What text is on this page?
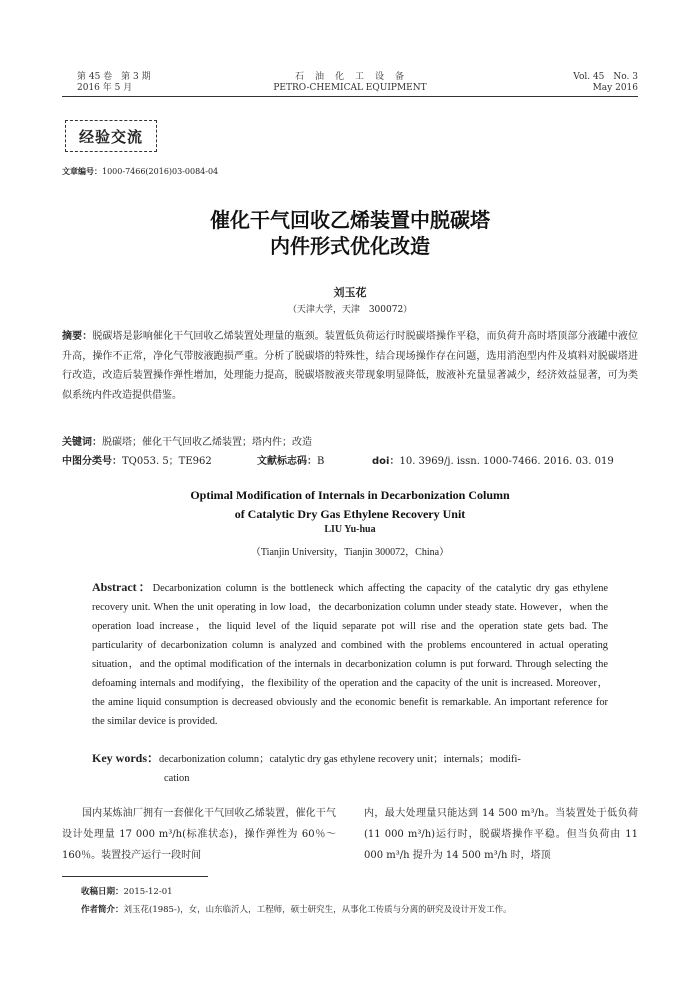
第 45 卷　第 3 期
2016 年 5 月
石　油　化　工　设　备
PETRO-CHEMICAL EQUIPMENT
Vol. 45　No. 3
May 2016
经验交流
文章编号：1000-7466(2016)03-0084-04
催化干气回收乙烯装置中脱碳塔
内件形式优化改造
刘玉花
（天津大学，天津　300072）
摘要：脱碳塔是影响催化干气回收乙烯装置处理量的瓶颈。装置低负荷运行时脱碳塔操作平稳，而负荷升高时塔顶部分液罐中液位升高，操作不正常，净化气带胺液跑损严重。分析了脱碳塔的特殊性，结合现场操作存在问题，选用消泡型内件及填料对脱碳塔进行改造，改造后装置操作弹性增加，处理能力提高，脱碳塔胺液夹带现象明显降低，胺液补充量显著减少，经济效益显著，可为类似系统内件改造提供借鉴。
关键词：脱碳塔；催化干气回收乙烯装置；塔内件；改造
中图分类号：TQ053. 5；TE962	文献标志码：B	doi：10. 3969/j. issn. 1000-7466. 2016. 03. 019
Optimal Modification of Internals in Decarbonization Column
of Catalytic Dry Gas Ethylene Recovery Unit
LIU Yu-hua
（Tianjin University，Tianjin 300072，China）
Abstract：Decarbonization column is the bottleneck which affecting the capacity of the catalytic dry gas ethylene recovery unit. When the unit operating in low load，the decarbonization column under steady state. However，when the operation load increase，the liquid level of the liquid separate pot will rise and the operation state gets bad. The particularity of decarbonization column is analyzed and combined with the problems encountered in actual operating situation，and the optimal modification of the internals in decarbonization column is put forward. Through selecting the defoaming internals and modifying，the flexibility of the operation and the capacity of the unit is increased. Moreover，the amine liquid consumption is decreased obviously and the economic benefit is remarkable. An important reference for the similar device is provided.
Key words：decarbonization column；catalytic dry gas ethylene recovery unit；internals；modifi-
cation
国内某炼油厂拥有一套催化干气回收乙烯装置，催化干气设计处理量 17 000 m³/h(标准状态)，操作弹性为 60％～160％。装置投产运行一段时间
内，最大处理量只能达到 14 500 m³/h。当装置处于低负荷(11 000 m³/h)运行时，脱碳塔操作平稳。但当负荷由 11 000 m³/h 提升为 14 500 m³/h 时，塔顶
收稿日期：2015-12-01
作者简介：刘玉花(1985-)，女，山东临沂人，工程师，硕士研究生，从事化工传质与分离的研究及设计开发工作。
